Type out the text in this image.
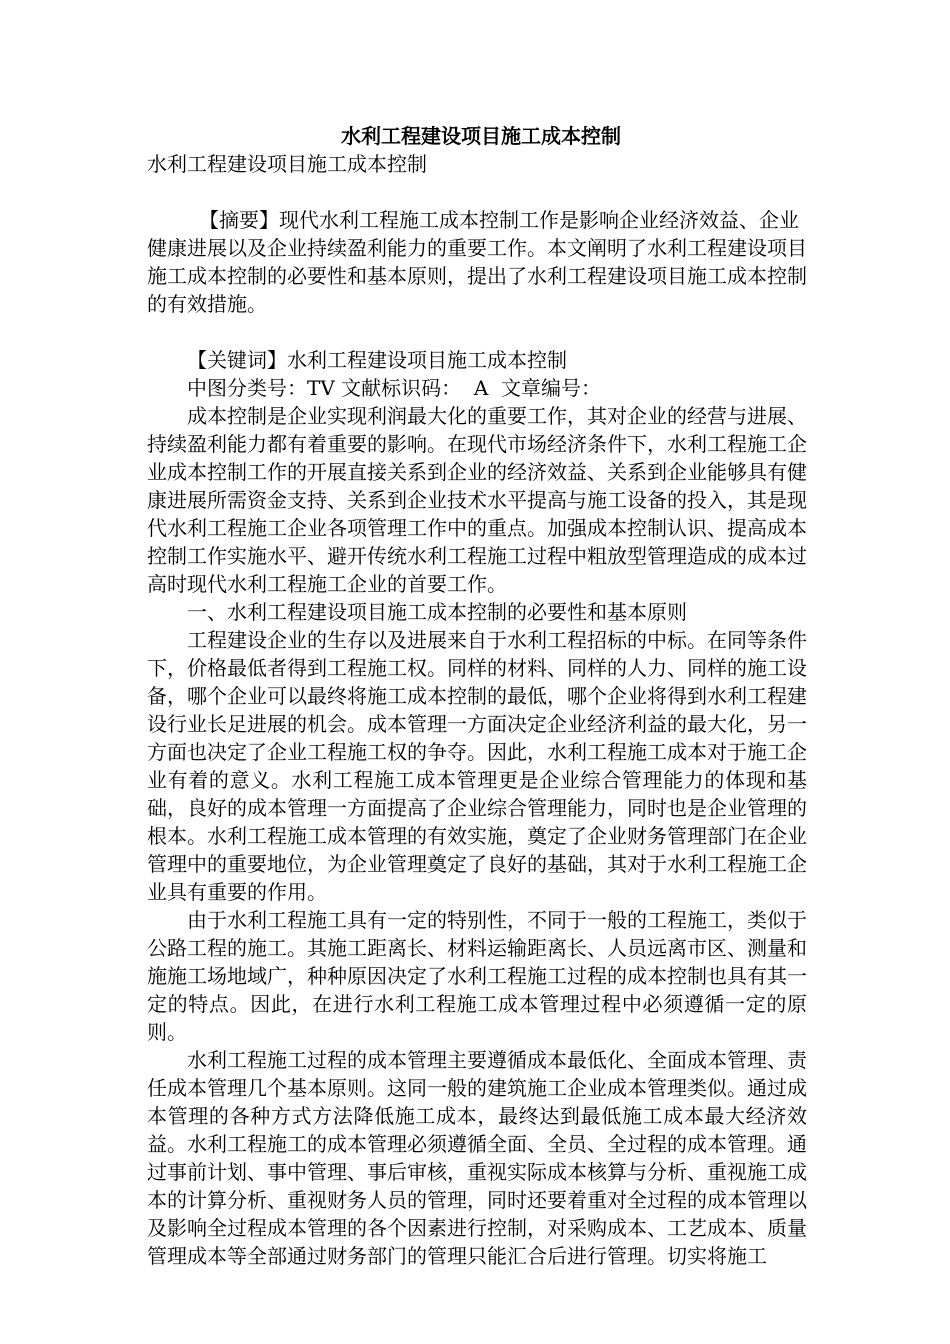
水利工程建设项目施工成本控制

水利工程建设项目施工成本控制

【摘要】现代水利工程施工成本控制工作是影响企业经济效益、企业健康进展以及企业持续盈利能力的重要工作。本文阐明了水利工程建设项目施工成本控制的必要性和基本原则，提出了水利工程建设项目施工成本控制的有效措施。

【关键词】水利工程建设项目施工成本控制

中图分类号：TV 文献标识码：  A  文章编号：

成本控制是企业实现利润最大化的重要工作，其对企业的经营与进展、持续盈利能力都有着重要的影响。在现代市场经济条件下，水利工程施工企业成本控制工作的开展直接关系到企业的经济效益、关系到企业能够具有健康进展所需资金支持、关系到企业技术水平提高与施工设备的投入，其是现代水利工程施工企业各项管理工作中的重点。加强成本控制认识、提高成本控制工作实施水平、避开传统水利工程施工过程中粗放型管理造成的成本过高时现代水利工程施工企业的首要工作。

一、水利工程建设项目施工成本控制的必要性和基本原则

工程建设企业的生存以及进展来自于水利工程招标的中标。在同等条件下，价格最低者得到工程施工权。同样的材料、同样的人力、同样的施工设备，哪个企业可以最终将施工成本控制的最低，哪个企业将得到水利工程建设行业长足进展的机会。成本管理一方面决定企业经济利益的最大化，另一方面也决定了企业工程施工权的争夺。因此，水利工程施工成本对于施工企业有着的意义。水利工程施工成本管理更是企业综合管理能力的体现和基础，良好的成本管理一方面提高了企业综合管理能力，同时也是企业管理的根本。水利工程施工成本管理的有效实施，奠定了企业财务管理部门在企业管理中的重要地位，为企业管理奠定了良好的基础，其对于水利工程施工企业具有重要的作用。

由于水利工程施工具有一定的特别性，不同于一般的工程施工，类似于公路工程的施工。其施工距离长、材料运输距离长、人员远离市区、测量和施施工场地域广，种种原因决定了水利工程施工过程的成本控制也具有其一定的特点。因此，在进行水利工程施工成本管理过程中必须遵循一定的原则。

水利工程施工过程的成本管理主要遵循成本最低化、全面成本管理、责任成本管理几个基本原则。这同一般的建筑施工企业成本管理类似。通过成本管理的各种方式方法降低施工成本，最终达到最低施工成本最大经济效益。水利工程施工的成本管理必须遵循全面、全员、全过程的成本管理。通过事前计划、事中管理、事后审核，重视实际成本核算与分析、重视施工成本的计算分析、重视财务人员的管理，同时还要着重对全过程的成本管理以及影响全过程成本管理的各个因素进行控制，对采购成本、工艺成本、质量管理成本等全部通过财务部门的管理只能汇合后进行管理。切实将施工
